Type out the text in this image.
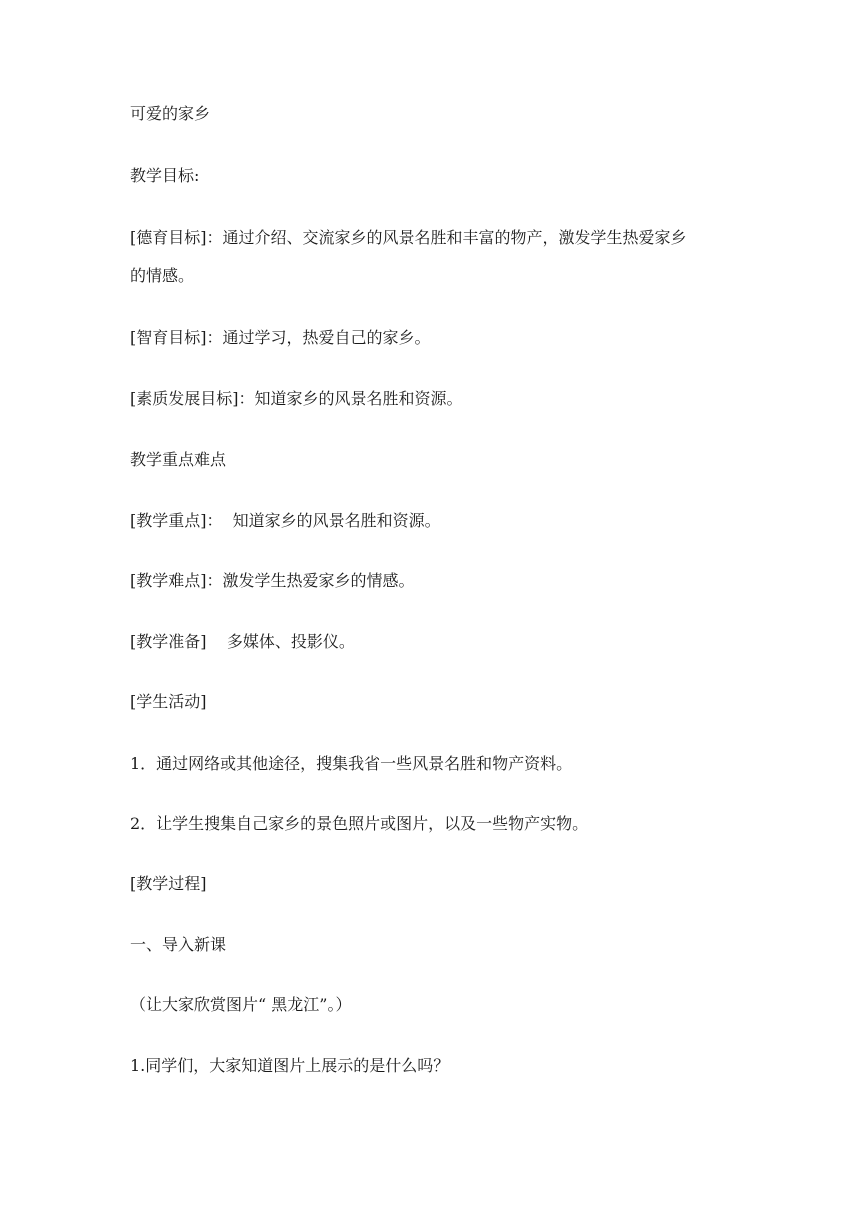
可爱的家乡
教学目标:
[德育目标]：通过介绍、交流家乡的风景名胜和丰富的物产，激发学生热爱家乡
的情感。
[智育目标]：通过学习，热爱自己的家乡。
[素质发展目标]：知道家乡的风景名胜和资源。
教学重点难点
[教学重点]：  知道家乡的风景名胜和资源。
[教学难点]：激发学生热爱家乡的情感。
[教学准备]    多媒体、投影仪。
[学生活动]
1．通过网络或其他途径，搜集我省一些风景名胜和物产资料。
2．让学生搜集自己家乡的景色照片或图片，以及一些物产实物。
[教学过程]
一、导入新课
（让大家欣赏图片“ 黑龙江”。）
1.同学们，大家知道图片上展示的是什么吗？
